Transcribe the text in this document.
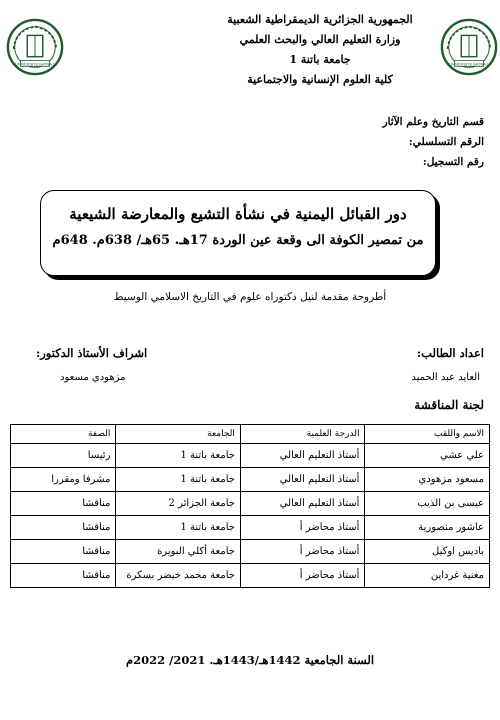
UNIVERSITE BATNA 1	UNIVERSITE BATNA 1
الجمهورية الجزائرية الديمقراطية الشعبية
وزارة التعليم العالي والبحث العلمي
جامعة باتنة 1
كلية العلوم الإنسانية والاجتماعية
قسم التاريخ وعلم الآثار
الرقم التسلسلي:
رقم التسجيل:
دور القبائل اليمنية في نشأة التشيع والمعارضة الشيعية
من تمصير الكوفة الى وقعة عين الوردة 17هـ. 65هـ/ 638م. 648م
أطروحة مقدمة لنيل دكتوراه علوم في التاريخ الاسلامي الوسيط
اعداد الطالب:
اشراف الأستاذ الدكتور:
العايد عبد الحميد
مزهودي مسعود
لجنة المناقشة
الاسم واللقب	الدرجة العلمية	الجامعة	الصفة
علي عشي	أستاذ التعليم العالي	جامعة باتنة 1	رئيسا
مسعود مزهودي	أستاذ التعليم العالي	جامعة باتنة 1	مشرفا ومقررا
عيسى بن الذيب	أستاذ التعليم العالي	جامعة الجزائر 2	مناقشا
عاشور منصورية	أستاذ محاضر أ	جامعة باتنة 1	مناقشا
باديس اوكيل	أستاذ محاضر أ	جامعة أكلي البويرة	مناقشا
مغنية غرداين	أستاذ محاضر أ	جامعة محمد خيضر بسكرة	مناقشا
السنة الجامعية 1442هـ/1443هـ. 2021/ 2022م
